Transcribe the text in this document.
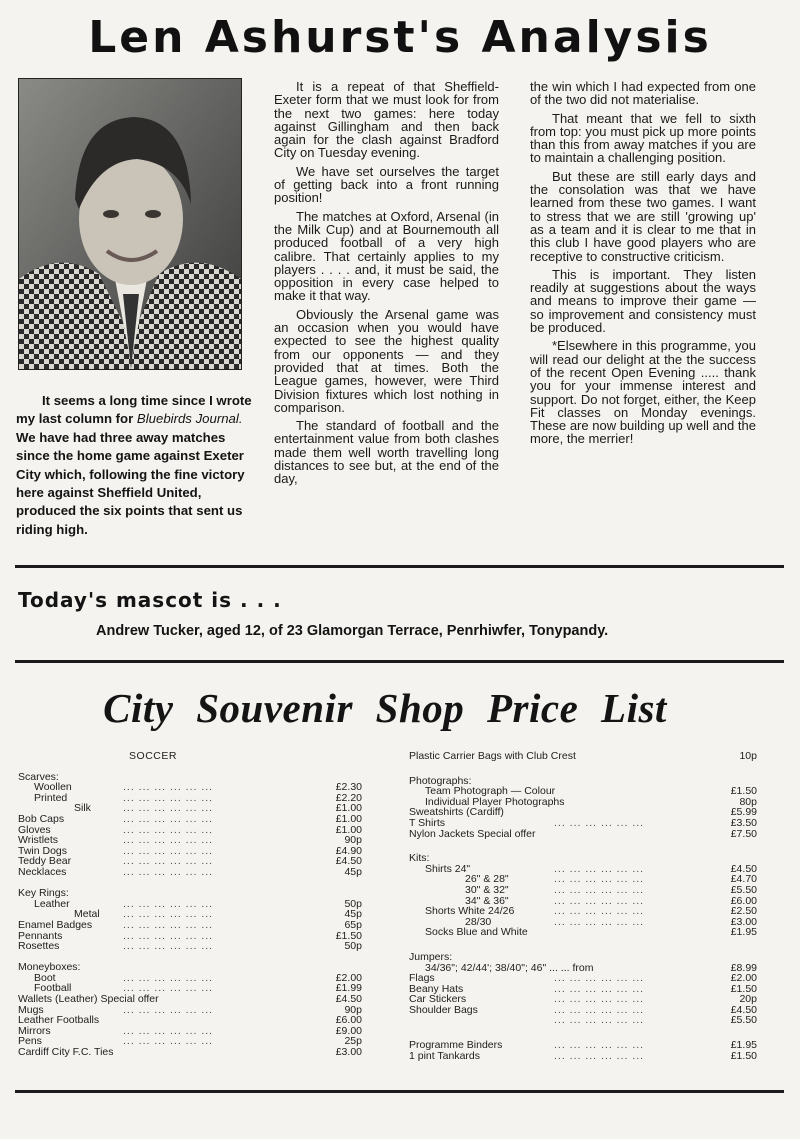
Len Ashurst's Analysis
It seems a long time since I wrote my last column for Bluebirds Journal. We have had three away matches since the home game against Exeter City which, following the fine victory here against Sheffield United, produced the six points that sent us riding high.

It is a repeat of that Sheffield-Exeter form that we must look for from the next two games: here today against Gillingham and then back again for the clash against Bradford City on Tuesday evening.

We have set ourselves the target of getting back into a front running position!

The matches at Oxford, Arsenal (in the Milk Cup) and at Bournemouth all produced football of a very high calibre. That certainly applies to my players . . . . and, it must be said, the opposition in every case helped to make it that way.

Obviously the Arsenal game was an occasion when you would have expected to see the highest quality from our opponents — and they provided that at times. Both the League games, however, were Third Division fixtures which lost nothing in comparison.

The standard of football and the entertainment value from both clashes made them well worth travelling long distances to see but, at the end of the day,

the win which I had expected from one of the two did not materialise.

That meant that we fell to sixth from top: you must pick up more points than this from away matches if you are to maintain a challenging position.

But these are still early days and the consolation was that we have learned from these two games. I want to stress that we are still 'growing up' as a team and it is clear to me that in this club I have good players who are receptive to constructive criticism.

This is important. They listen readily at suggestions about the ways and means to improve their game — so improvement and consistency must be produced.

*Elsewhere in this programme, you will read our delight at the the success of the recent Open Evening ..... thank you for your immense interest and support. Do not forget, either, the Keep Fit classes on Monday evenings. These are now building up well and the more, the merrier!

Today's mascot is . . .
Andrew Tucker, aged 12, of 23 Glamorgan Terrace, Penrhiwfer, Tonypandy.
City Souvenir Shop Price List
SOCCER
Scarves:
Woollen	... ... ... ... ... ...	£2.30
Printed	... ... ... ... ... ...	£2.20
Silk	... ... ... ... ... ...	£1.00
Bob Caps	... ... ... ... ... ...	£1.00
Gloves	... ... ... ... ... ...	£1.00
Wristlets	... ... ... ... ... ...	90p
Twin Dogs	... ... ... ... ... ...	£4.90
Teddy Bear	... ... ... ... ... ...	£4.50
Necklaces	... ... ... ... ... ...	45p
Key Rings:
Leather	... ... ... ... ... ...	50p
Metal ... ... ... ... ... ...	45p
Enamel Badges	... ... ... ... ... ...	65p
Pennants	... ... ... ... ... ...	£1.50
Rosettes	... ... ... ... ... ...	50p
Moneyboxes:
Boot	... ... ... ... ... ...	£2.00
Football	... ... ... ... ... ...	£1.99
Wallets (Leather) Special offer	£4.50
Mugs	... ... ... ... ... ...	90p
Leather Footballs	£6.00
Mirrors	... ... ... ... ... ...	£9.00
Pens	... ... ... ... ... ...	25p
Cardiff City F.C. Ties	£3.00
Plastic Carrier Bags with Club Crest	10p
Photographs:
Team Photograph — Colour	£1.50
Individual Player Photographs	80p
Sweatshirts (Cardiff)	£5.99
T Shirts	... ... ... ... ... ...	£3.50
Nylon Jackets Special offer	£7.50
Kits:
Shirts 24"	... ... ... ... ... ...	£4.50
26" & 28"	... ... ... ... ... ...	£4.70
30" & 32"	... ... ... ... ... ...	£5.50
34" & 36"	... ... ... ... ... ...	£6.00
Shorts White 24/26	... ... ... ... ... ...	£2.50
28/30	... ... ... ... ... ...	£3.00
Socks Blue and White	£1.95
Jumpers:
34/36"; 42/44'; 38/40"; 46" ... ... from	£8.99
Flags	... ... ... ... ... ...	£2.00
Beany Hats	... ... ... ... ... ...	£1.50
Car Stickers	... ... ... ... ... ...	20p
Shoulder Bags	... ... ... ... ... ...	£4.50
... ... ... ... ... ...	£5.50
Programme Binders	... ... ... ... ... ...	£1.95
1 pint Tankards	... ... ... ... ... ...	£1.50
